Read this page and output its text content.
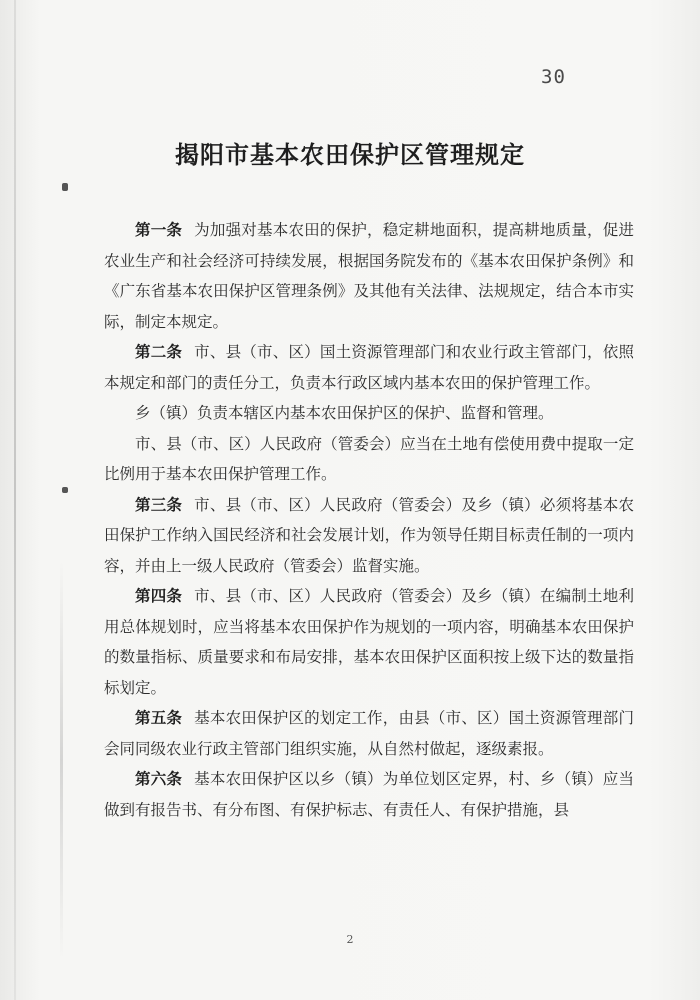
30
揭阳市基本农田保护区管理规定

第一条 为加强对基本农田的保护，稳定耕地面积，提高耕地质量，促进农业生产和社会经济可持续发展，根据国务院发布的《基本农田保护条例》和《广东省基本农田保护区管理条例》及其他有关法律、法规规定，结合本市实际，制定本规定。

第二条 市、县（市、区）国土资源管理部门和农业行政主管部门，依照本规定和部门的责任分工，负责本行政区域内基本农田的保护管理工作。

乡（镇）负责本辖区内基本农田保护区的保护、监督和管理。

市、县（市、区）人民政府（管委会）应当在土地有偿使用费中提取一定比例用于基本农田保护管理工作。

第三条 市、县（市、区）人民政府（管委会）及乡（镇）必须将基本农田保护工作纳入国民经济和社会发展计划，作为领导任期目标责任制的一项内容，并由上一级人民政府（管委会）监督实施。

第四条 市、县（市、区）人民政府（管委会）及乡（镇）在编制土地利用总体规划时，应当将基本农田保护作为规划的一项内容，明确基本农田保护的数量指标、质量要求和布局安排，基本农田保护区面积按上级下达的数量指标划定。

第五条 基本农田保护区的划定工作，由县（市、区）国土资源管理部门会同同级农业行政主管部门组织实施，从自然村做起，逐级素报。

第六条 基本农田保护区以乡（镇）为单位划区定界，村、乡（镇）应当做到有报告书、有分布图、有保护标志、有责任人、有保护措施，县

2
